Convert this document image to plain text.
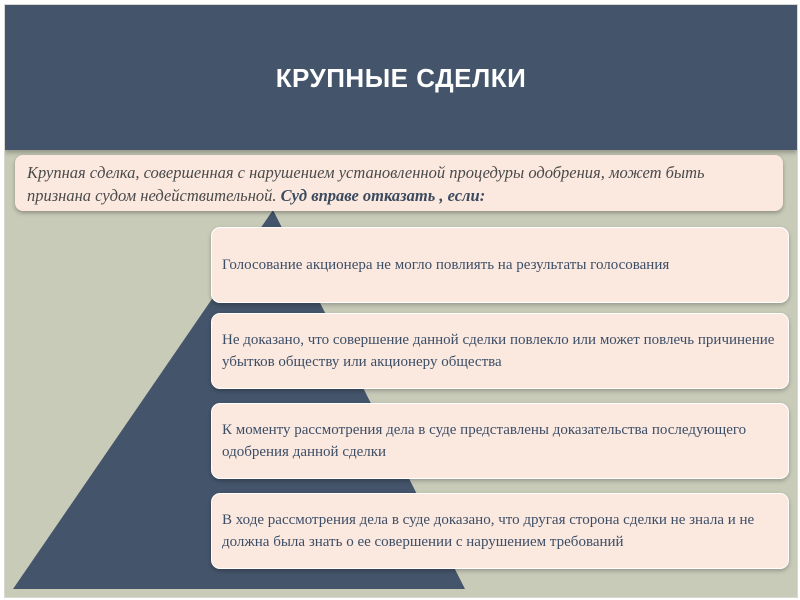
КРУПНЫЕ СДЕЛКИ
Крупная сделка, совершенная с нарушением установленной процедуры одобрения, может быть признана судом недействительной. Суд вправе отказать , если:
Голосование акционера не могло повлиять на результаты голосования
Не доказано, что совершение данной сделки повлекло или может повлечь причинение убытков обществу или акционеру общества
К моменту рассмотрения дела в суде представлены доказательства последующего одобрения данной сделки
В ходе рассмотрения дела в суде доказано, что другая сторона сделки не знала и не должна была знать о ее совершении с нарушением требований
